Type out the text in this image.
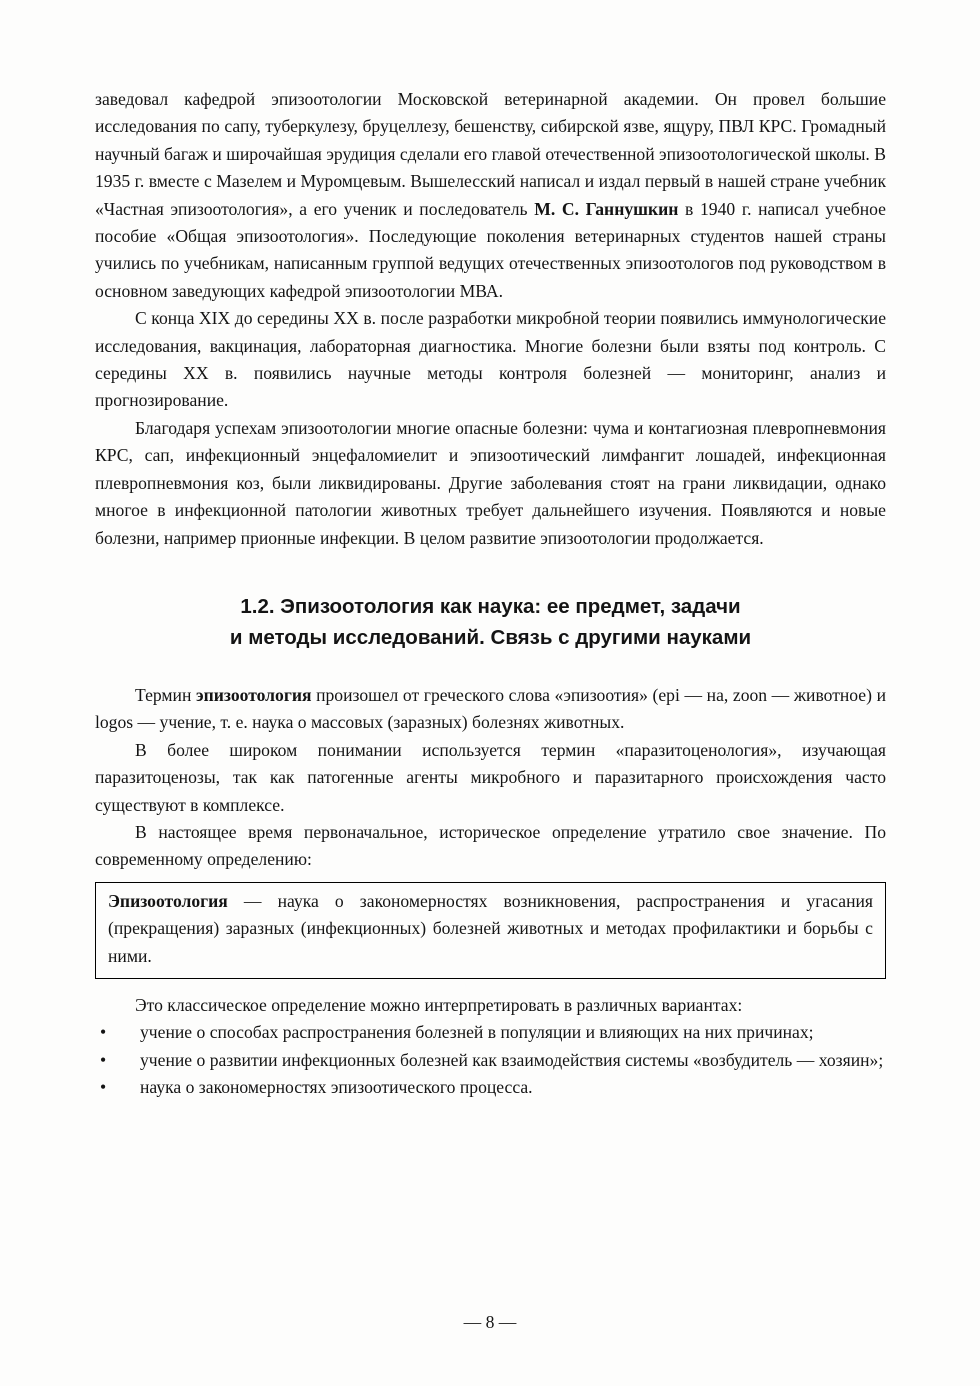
заведовал кафедрой эпизоотологии Московской ветеринарной академии. Он провел большие исследования по сапу, туберкулезу, бруцеллезу, бешенству, сибирской язве, ящуру, ПВЛ КРС. Громадный научный багаж и широчайшая эрудиция сделали его главой отечественной эпизоотологической школы. В 1935 г. вместе с Мазелем и Муромцевым. Вышелесский написал и издал первый в нашей стране учебник «Частная эпизоотология», а его ученик и последователь М. С. Ганнушкин в 1940 г. написал учебное пособие «Общая эпизоотология». Последующие поколения ветеринарных студентов нашей страны учились по учебникам, написанным группой ведущих отечественных эпизоотологов под руководством в основном заведующих кафедрой эпизоотологии МВА.

С конца XIX до середины XX в. после разработки микробной теории появились иммунологические исследования, вакцинация, лабораторная диагностика. Многие болезни были взяты под контроль. С середины XX в. появились научные методы контроля болезней — мониторинг, анализ и прогнозирование.

Благодаря успехам эпизоотологии многие опасные болезни: чума и контагиозная плевропневмония КРС, сап, инфекционный энцефаломиелит и эпизоотический лимфангит лошадей, инфекционная плевропневмония коз, были ликвидированы. Другие заболевания стоят на грани ликвидации, однако многое в инфекционной патологии животных требует дальнейшего изучения. Появляются и новые болезни, например прионные инфекции. В целом развитие эпизоотологии продолжается.

1.2. Эпизоотология как наука: ее предмет, задачи
и методы исследований. Связь с другими науками

Термин эпизоотология произошел от греческого слова «эпизоотия» (epi — на, zoon — животное) и logos — учение, т. е. наука о массовых (заразных) болезнях животных.

В более широком понимании используется термин «паразитоценология», изучающая паразитоценозы, так как патогенные агенты микробного и паразитарного происхождения часто существуют в комплексе.

В настоящее время первоначальное, историческое определение утратило свое значение. По современному определению:

Эпизоотология — наука о закономерностях возникновения, распространения и угасания (прекращения) заразных (инфекционных) болезней животных и методах профилактики и борьбы с ними.

Это классическое определение можно интерпретировать в различных вариантах:

• учение о способах распространения болезней в популяции и влияющих на них причинах;
• учение о развитии инфекционных болезней как взаимодействия системы «возбудитель — хозяин»;
• наука о закономерностях эпизоотического процесса.
— 8 —
